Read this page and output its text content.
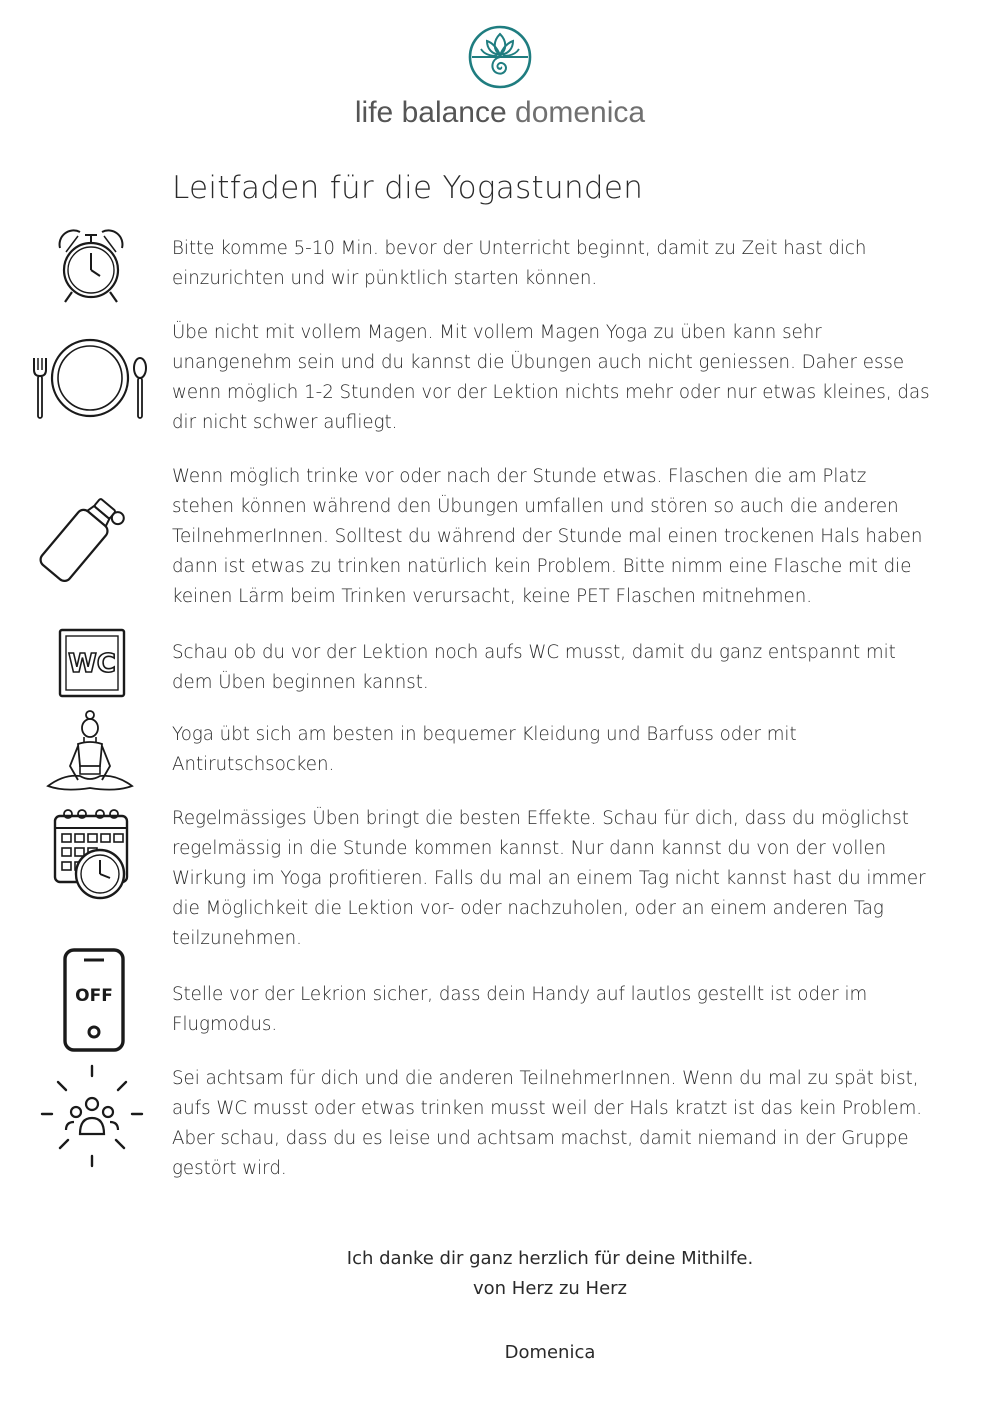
life balance domenica
Leitfaden für die Yogastunden
WC
OFF

Bitte komme 5-10 Min. bevor der Unterricht beginnt, damit zu Zeit hast dich einzurichten und wir pünktlich starten können.

Übe nicht mit vollem Magen. Mit vollem Magen Yoga zu üben kann sehr unangenehm sein und du kannst die Übungen auch nicht geniessen. Daher esse wenn möglich 1-2 Stunden vor der Lektion nichts mehr oder nur etwas kleines, das dir nicht schwer aufliegt.

Wenn möglich trinke vor oder nach der Stunde etwas. Flaschen die am Platz stehen können während den Übungen umfallen und stören so auch die anderen TeilnehmerInnen. Solltest du während der Stunde mal einen trockenen Hals haben dann ist etwas zu trinken natürlich kein Problem. Bitte nimm eine Flasche mit die keinen Lärm beim Trinken verursacht, keine PET Flaschen mitnehmen.

Schau ob du vor der Lektion noch aufs WC musst, damit du ganz entspannt mit dem Üben beginnen kannst.

Yoga übt sich am besten in bequemer Kleidung und Barfuss oder mit Antirutschsocken.

Regelmässiges Üben bringt die besten Effekte. Schau für dich, dass du möglichst regelmässig in die Stunde kommen kannst. Nur dann kannst du von der vollen Wirkung im Yoga profitieren. Falls du mal an einem Tag nicht kannst hast du immer die Möglichkeit die Lektion vor- oder nachzuholen, oder an einem anderen Tag teilzunehmen.

Stelle vor der Lekrion sicher, dass dein Handy auf lautlos gestellt ist oder im Flugmodus.

Sei achtsam für dich und die anderen TeilnehmerInnen. Wenn du mal zu spät bist, aufs WC musst oder etwas trinken musst weil der Hals kratzt ist das kein Problem. Aber schau, dass du es leise und achtsam machst, damit niemand in der Gruppe gestört wird.

Ich danke dir ganz herzlich für deine Mithilfe.

von Herz zu Herz

Domenica
